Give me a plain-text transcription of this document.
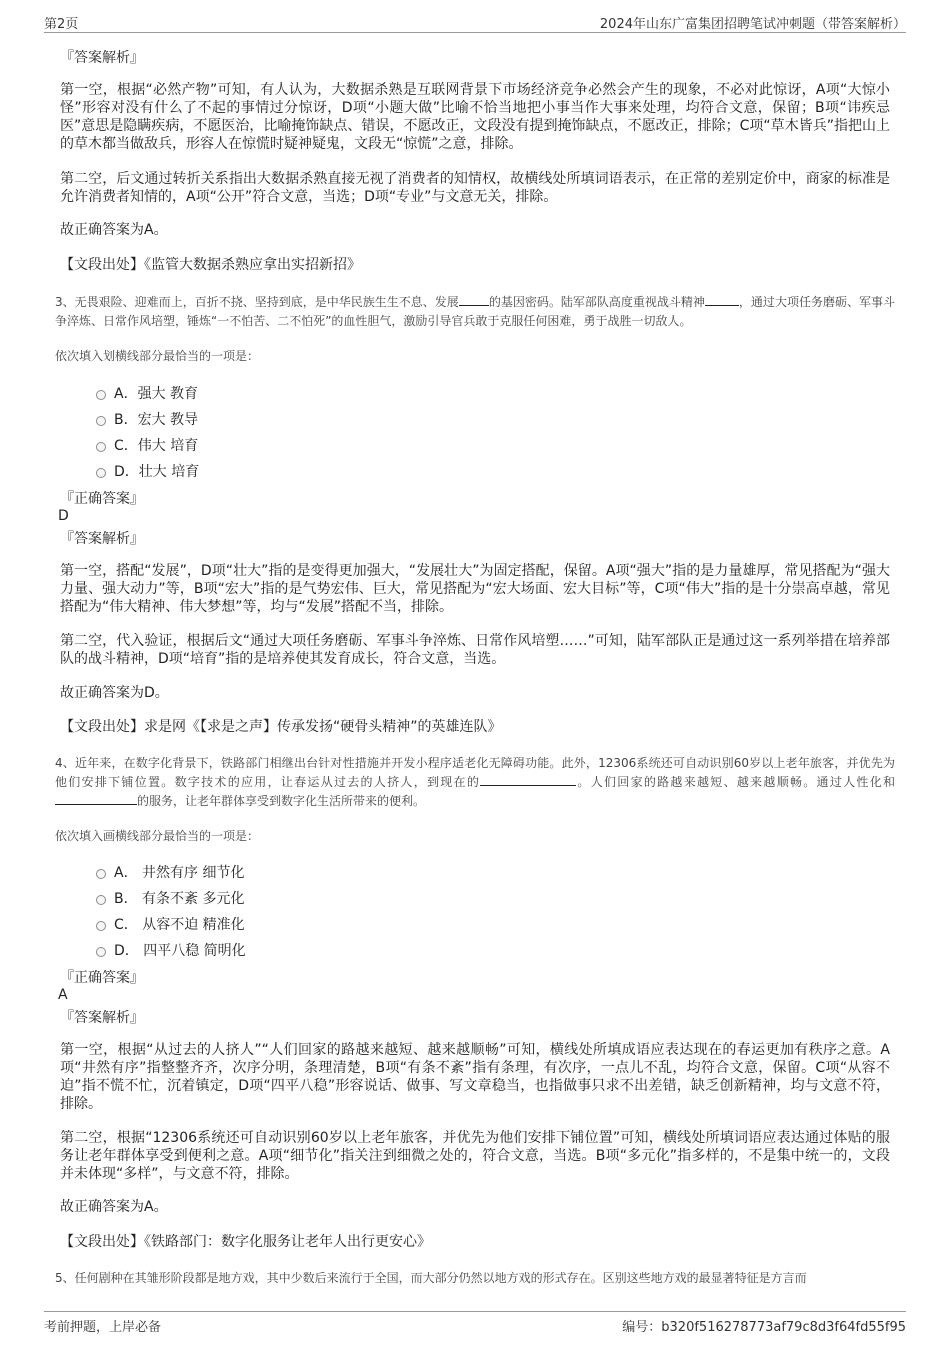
第2页	2024年山东广富集团招聘笔试冲刺题（带答案解析）
『答案解析』
第一空，根据“必然产物”可知，有人认为，大数据杀熟是互联网背景下市场经济竞争必然会产生的现象，不必对此惊讶，A项“大惊小怪”形容对没有什么了不起的事情过分惊讶，D项“小题大做”比喻不恰当地把小事当作大事来处理，均符合文意，保留；B项“讳疾忌医”意思是隐瞒疾病，不愿医治，比喻掩饰缺点、错误，不愿改正，文段没有提到掩饰缺点，不愿改正，排除；C项“草木皆兵”指把山上的草木都当做敌兵，形容人在惊慌时疑神疑鬼，文段无“惊慌”之意，排除。
第二空，后文通过转折关系指出大数据杀熟直接无视了消费者的知情权，故横线处所填词语表示，在正常的差别定价中，商家的标准是允许消费者知情的，A项“公开”符合文意，当选；D项“专业”与文意无关，排除。
故正确答案为A。
【文段出处】《监管大数据杀熟应拿出实招新招》
3、无畏艰险、迎难而上，百折不挠、坚持到底，是中华民族生生不息、发展	的基因密码。陆军部队高度重视战斗精神	，通过大项任务磨砺、军事斗争淬炼、日常作风培塑，锤炼“一不怕苦、二不怕死”的血性胆气，激励引导官兵敢于克服任何困难，勇于战胜一切敌人。
依次填入划横线部分最恰当的一项是：
A．强大 教育
B．宏大 教导
C．伟大 培育
D．壮大 培育
『正确答案』
D
『答案解析』
第一空，搭配“发展”，D项“壮大”指的是变得更加强大，“发展壮大”为固定搭配，保留。A项“强大”指的是力量雄厚，常见搭配为“强大力量、强大动力”等，B项“宏大”指的是气势宏伟、巨大，常见搭配为“宏大场面、宏大目标”等，C项“伟大”指的是十分崇高卓越，常见搭配为“伟大精神、伟大梦想”等，均与“发展”搭配不当，排除。
第二空，代入验证，根据后文“通过大项任务磨砺、军事斗争淬炼、日常作风培塑……”可知，陆军部队正是通过这一系列举措在培养部队的战斗精神，D项“培育”指的是培养使其发育成长，符合文意，当选。
故正确答案为D。
【文段出处】求是网《【求是之声】传承发扬“硬骨头精神”的英雄连队》
4、近年来，在数字化背景下，铁路部门相继出台针对性措施并开发小程序适老化无障碍功能。此外，12306系统还可自动识别60岁以上老年旅客，并优先为他们安排下铺位置。数字技术的应用，让春运从过去的人挤人，到现在的	。人们回家的路越来越短、越来越顺畅。通过人性化和的服务，让老年群体享受到数字化生活所带来的便利。
依次填入画横线部分最恰当的一项是：
A． 井然有序 细节化
B． 有条不紊 多元化
C． 从容不迫 精准化
D． 四平八稳 简明化
『正确答案』
A
『答案解析』
第一空，根据“从过去的人挤人”“人们回家的路越来越短、越来越顺畅”可知，横线处所填成语应表达现在的春运更加有秩序之意。A项“井然有序”指整整齐齐，次序分明，条理清楚，B项“有条不紊”指有条理，有次序，一点儿不乱，均符合文意，保留。C项“从容不迫”指不慌不忙，沉着镇定，D项“四平八稳”形容说话、做事、写文章稳当，也指做事只求不出差错，缺乏创新精神，均与文意不符，排除。
第二空，根据“12306系统还可自动识别60岁以上老年旅客，并优先为他们安排下铺位置”可知，横线处所填词语应表达通过体贴的服务让老年群体享受到便利之意。A项“细节化”指关注到细微之处的，符合文意，当选。B项“多元化”指多样的，不是集中统一的，文段并未体现“多样”，与文意不符，排除。
故正确答案为A。
【文段出处】《铁路部门：数字化服务让老年人出行更安心》
5、任何剧种在其雏形阶段都是地方戏，其中少数后来流行于全国，而大部分仍然以地方戏的形式存在。区别这些地方戏的最显著特征是方言而
考前押题，上岸必备	编号：b320f516278773af79c8d3f64fd55f95
